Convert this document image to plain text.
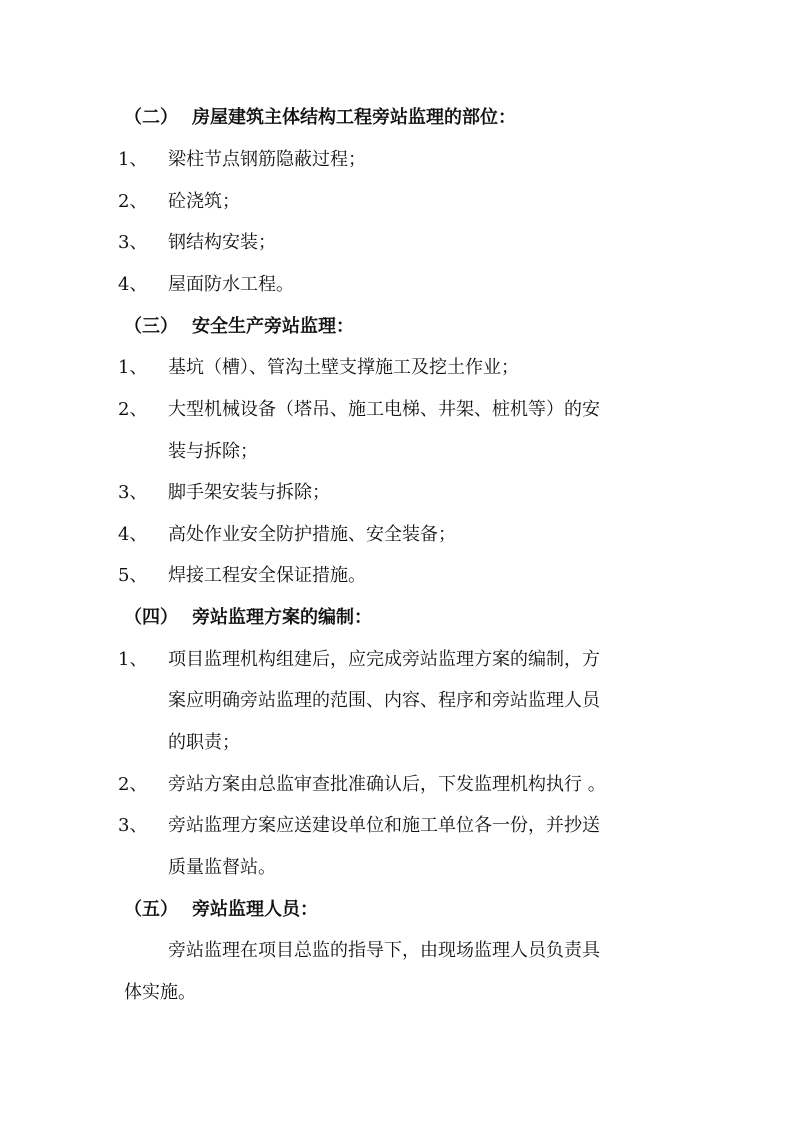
（二） 房屋建筑主体结构工程旁站监理的部位：
1、 梁柱节点钢筋隐蔽过程；
2、 砼浇筑；
3、 钢结构安装；
4、 屋面防水工程。
（三） 安全生产旁站监理：
1、 基坑（槽）、管沟土壁支撑施工及挖土作业；
2、 大型机械设备（塔吊、施工电梯、井架、桩机等）的安
装与拆除；
3、 脚手架安装与拆除；
4、 高处作业安全防护措施、安全装备；
5、 焊接工程安全保证措施。
（四） 旁站监理方案的编制：
1、 项目监理机构组建后，应完成旁站监理方案的编制，方
案应明确旁站监理的范围、内容、程序和旁站监理人员
的职责；
2、 旁站方案由总监审查批准确认后，下发监理机构执行 。
3、 旁站监理方案应送建设单位和施工单位各一份，并抄送
质量监督站。
（五） 旁站监理人员：
旁站监理在项目总监的指导下，由现场监理人员负责具
体实施。
